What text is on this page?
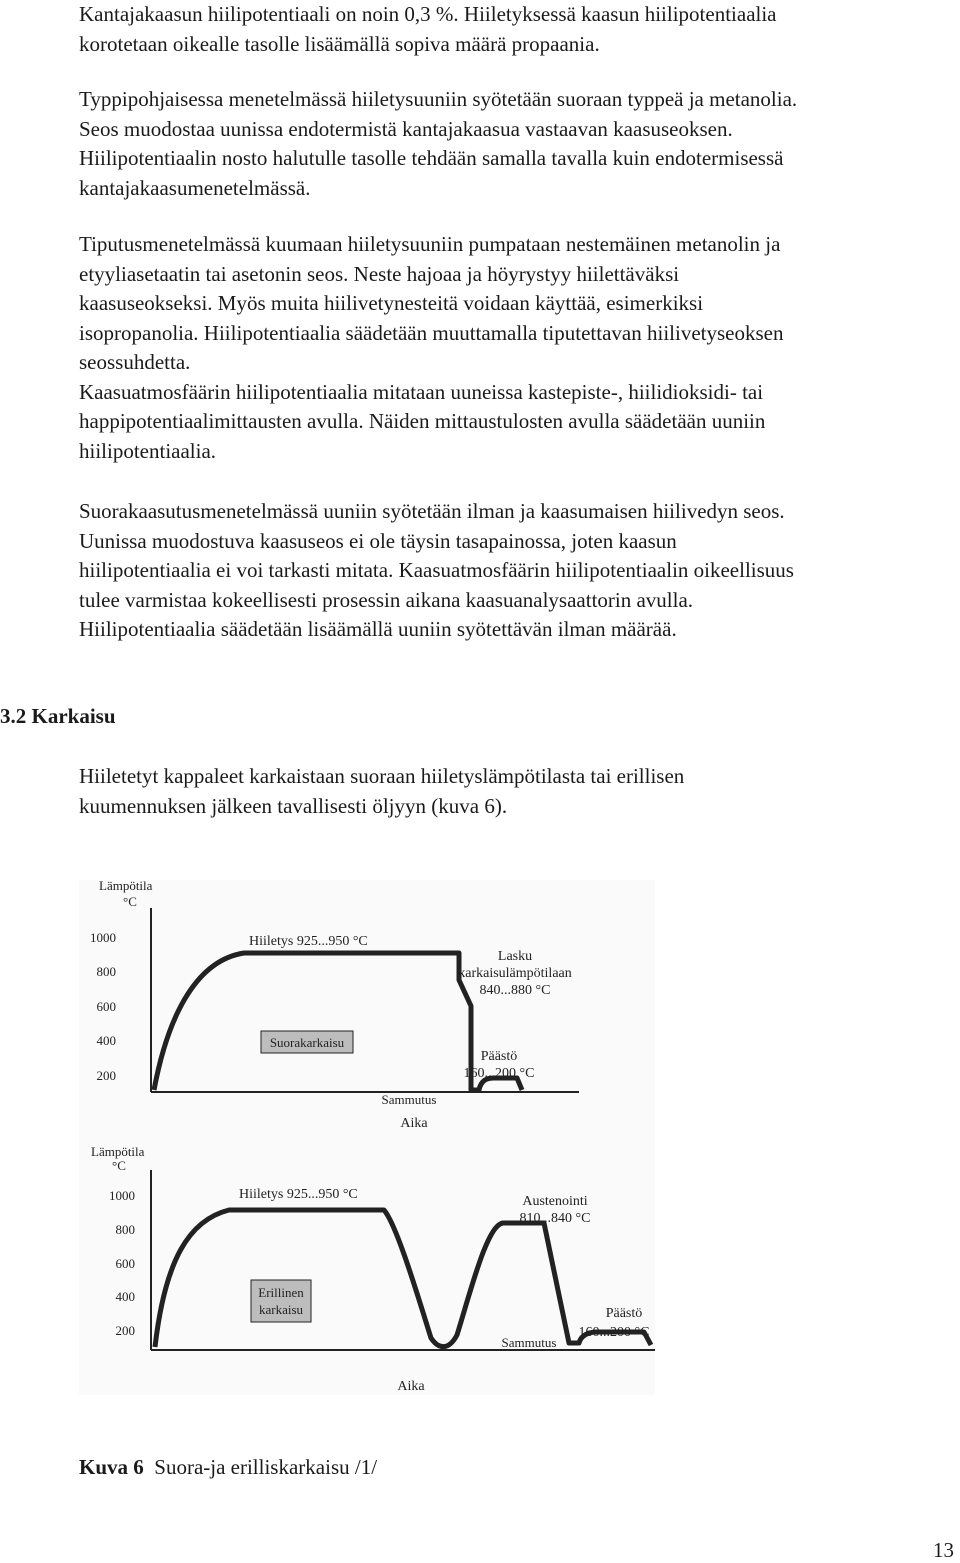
Kantajakaasun hiilipotentiaali on noin 0,3 %. Hiiletyksessä kaasun hiilipotentiaalia
korotetaan oikealle tasolle lisäämällä sopiva määrä propaania.
Typpipohjaisessa menetelmässä hiiletysuuniin syötetään suoraan typpeä ja metanolia.
Seos muodostaa uunissa endotermistä kantajakaasua vastaavan kaasuseoksen.
Hiilipotentiaalin nosto halutulle tasolle tehdään samalla tavalla kuin endotermisessä
kantajakaasumenetelmässä.
Tiputusmenetelmässä kuumaan hiiletysuuniin pumpataan nestemäinen metanolin ja
etyyliasetaatin tai asetonin seos. Neste hajoaa ja höyrystyy hiilettäväksi
kaasuseokseksi. Myös muita hiilivetynesteitä voidaan käyttää, esimerkiksi
isopropanolia. Hiilipotentiaalia säädetään muuttamalla tiputettavan hiilivetyseoksen
seossuhdetta.
Kaasuatmosfäärin hiilipotentiaalia mitataan uuneissa kastepiste-, hiilidioksidi- tai
happipotentiaalimittausten avulla. Näiden mittaustulosten avulla säädetään uuniin
hiilipotentiaalia.
Suorakaasutusmenetelmässä uuniin syötetään ilman ja kaasumaisen hiilivedyn seos.
Uunissa muodostuva kaasuseos ei ole täysin tasapainossa, joten kaasun
hiilipotentiaalia ei voi tarkasti mitata. Kaasuatmosfäärin hiilipotentiaalin oikeellisuus
tulee varmistaa kokeellisesti prosessin aikana kaasuanalysaattorin avulla.
Hiilipotentiaalia säädetään lisäämällä uuniin syötettävän ilman määrää.
3.2 Karkaisu
Hiiletetyt kappaleet karkaistaan suoraan hiiletyslämpötilasta tai erillisen
kuumennuksen jälkeen tavallisesti öljyyn (kuva 6).
Lämpötila
°C
1000
800
600
400
200
Hiiletys 925...950 °C
Lasku
karkaisulämpötilaan
840...880 °C
Päästö
160...200 °C
Sammutus
Aika
Suorakarkaisu
Lämpötila
°C
1000
800
600
400
200
Hiiletys 925...950 °C	Austenointi
810...840 °C
Päästö
160...200 °C
Sammutus
Aika
Erillinen
karkaisu

Kuva 6  Suora-ja erilliskarkaisu /1/

13
